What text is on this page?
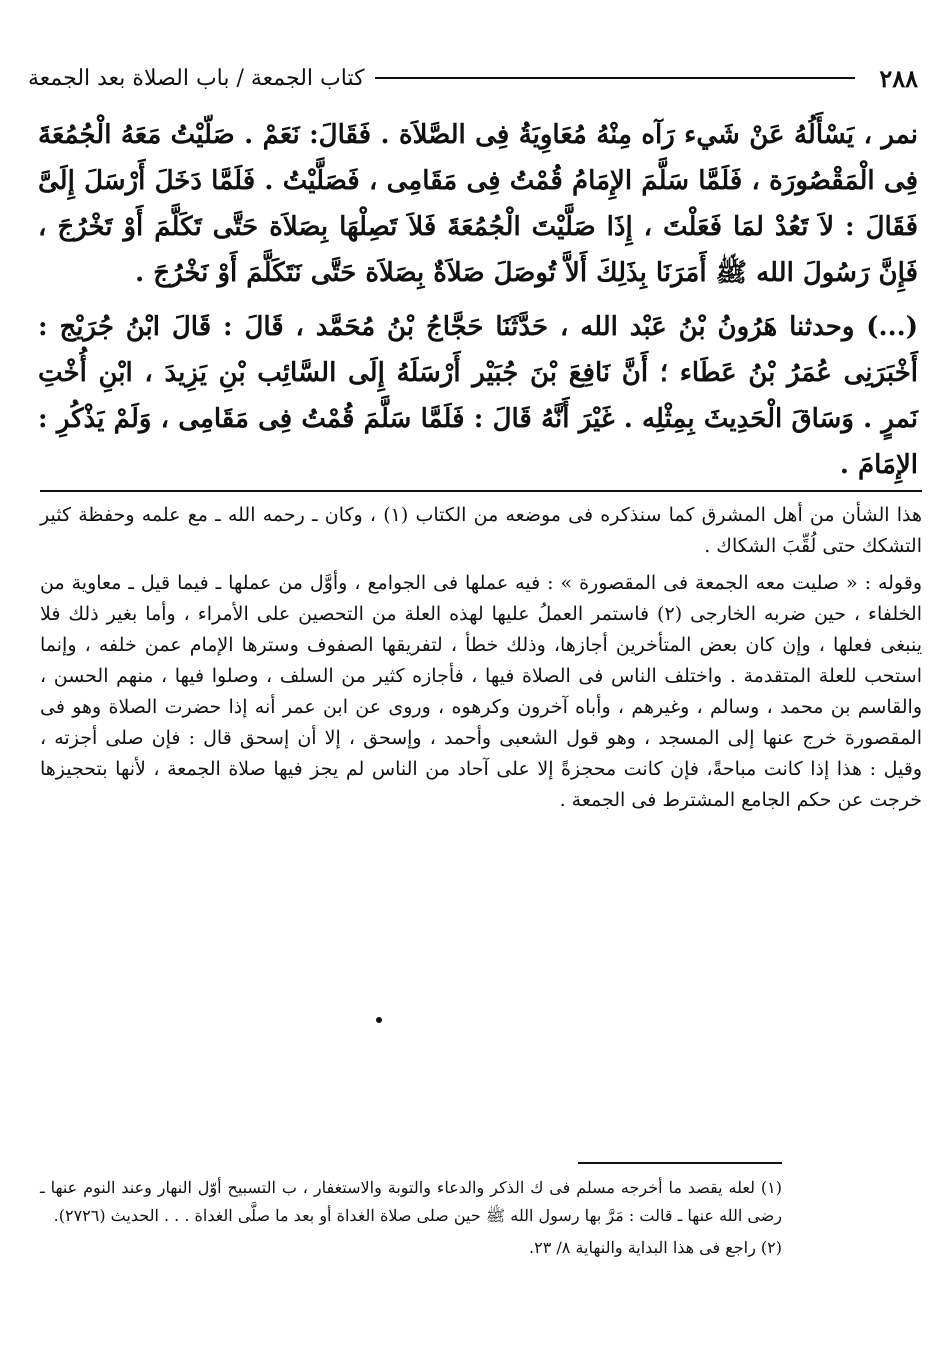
٢٨٨
كتاب الجمعة / باب الصلاة بعد الجمعة

نمر ، يَسْأَلُهُ عَنْ شَيء رَآه مِنْهُ مُعَاوِيَةُ فِى الصَّلاَة . فَقَالَ: نَعَمْ . صَلّيْتُ مَعَهُ الْجُمُعَةَ فِى الْمَقْصُورَة ، فَلَمَّا سَلَّمَ الإِمَامُ قُمْتُ فِى مَقَامِى ، فَصَلَّيْتُ . فَلَمَّا دَخَلَ أَرْسَلَ إِلَىَّ فَقَالَ : لاَ تَعُدْ لمَا فَعَلْتَ ، إِذَا صَلَّيْتَ الْجُمُعَةَ فَلاَ تَصِلْهَا بِصَلاَة حَتَّى تَكَلَّمَ أَوْ تَخْرُجَ ، فَإِنَّ رَسُولَ الله ﷺ أَمَرَنَا بِذَلِكَ أَلاَّ تُوصَلَ صَلاَةٌ بِصَلاَة حَتَّى نَتَكَلَّمَ أَوْ نَخْرُجَ .

(...) وحدثنا هَرُونُ بْنُ عَبْد الله ، حَدَّثَنَا حَجَّاجُ بْنُ مُحَمَّد ، قَالَ : قَالَ ابْنُ جُرَيْج : أَخْبَرَنِى عُمَرُ بْنُ عَطَاء ؛ أَنَّ نَافِعَ بْنَ جُبَيْر أَرْسَلَهُ إِلَى السَّائِب بْنِ يَزِيدَ ، ابْنِ أُخْتِ نَمرٍ . وَسَاقَ الْحَدِيثَ بِمِثْلِه . غَيْرَ أَنَّهُ قَالَ : فَلَمَّا سَلَّمَ قُمْتُ فِى مَقَامِى ، وَلَمْ يَذْكُرِ : الإِمَامَ .

هذا الشأن من أهل المشرق كما سنذكره فى موضعه من الكتاب (١) ، وكان ـ رحمه الله ـ مع علمه وحفظة كثير التشكك حتى لُقِّبَ الشكاك .

وقوله : « صليت معه الجمعة فى المقصورة » : فيه عملها فى الجوامع ، وأوَّل من عملها ـ فيما قيل ـ معاوية من الخلفاء ، حين ضربه الخارجى (٢) فاستمر العملُ عليها لهذه العلة من التحصين على الأمراء ، وأما بغير ذلك فلا ينبغى فعلها ، وإن كان بعض المتأخرين أجازها، وذلك خطأ ، لتفريقها الصفوف وسترها الإمام عمن خلفه ، وإنما استحب للعلة المتقدمة . واختلف الناس فى الصلاة فيها ، فأجازه كثير من السلف ، وصلوا فيها ، منهم الحسن ، والقاسم بن محمد ، وسالم ، وغيرهم ، وأباه آخرون وكرهوه ، وروى عن ابن عمر أنه إذا حضرت الصلاة وهو فى المقصورة خرج عنها إلى المسجد ، وهو قول الشعبى وأحمد ، وإسحق ، إلا أن إسحق قال : فإن صلى أجزته ، وقيل : هذا إذا كانت مباحةً، فإن كانت محجزةً إلا على آحاد من الناس لم يجز فيها صلاة الجمعة ، لأنها بتحجيزها خرجت عن حكم الجامع المشترط فى الجمعة .

(١) لعله يقصد ما أخرجه مسلم فى ك الذكر والدعاء والتوبة والاستغفار ، ب التسبيح أوّل النهار وعند النوم عنها ـ رضى الله عنها ـ قالت : مَرَّ بها رسول الله ﷺ حين صلى صلاة الغداة أو بعد ما صلَّى الغداة . . . الحديث (٢٧٢٦).

(٢) راجع فى هذا البداية والنهاية ٨/ ٢٣.
